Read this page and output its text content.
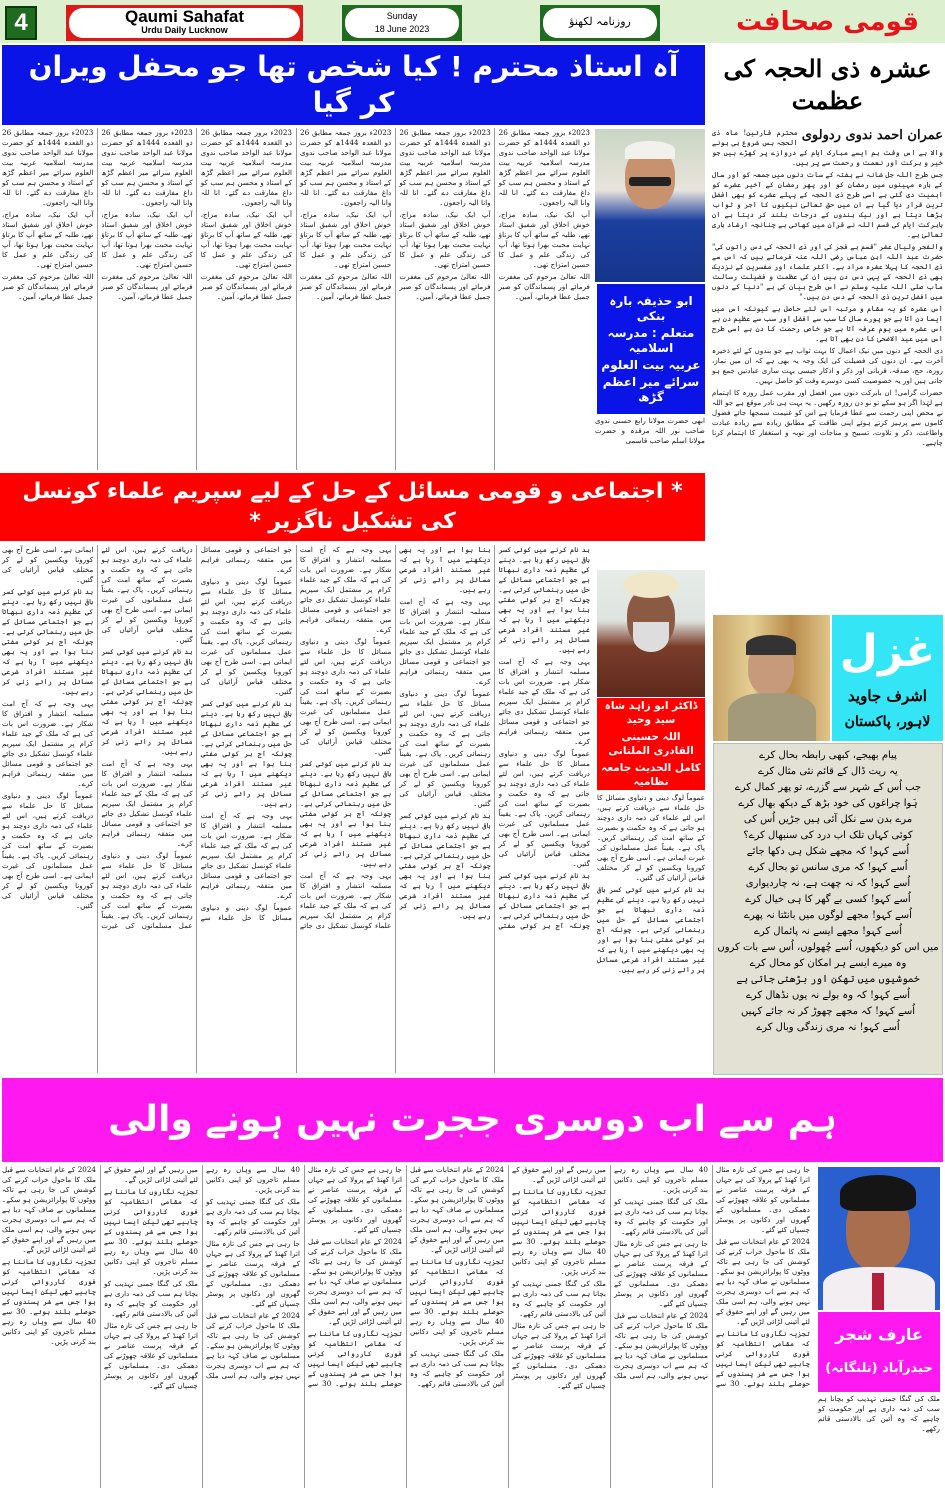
4	Qaumi Sahafat
Urdu Daily Lucknow
Sunday
18 June 2023
روزنامہ لکھنؤ	قومی صحافت
آہ استاذ محترم ! کیا شخص تھا جو محفل ویران کر گیا

2023ء بروز جمعہ مطابق 26 ذو القعدہ 1444ھ کو حضرت مولانا عبد الواحد صاحب ندوی مدرسہ اسلامیہ عربیہ بیت العلوم سرائے میر اعظم گڑھ کے استاذ و محسن ہم سب کو داغ مفارقت دے گئے۔ انا للہ وانا الیہ راجعون۔

آپ ایک نیک، سادہ مزاج، خوش اخلاق اور شفیق استاذ تھے، طلبہ کے ساتھ آپ کا برتاؤ نہایت محبت بھرا ہوتا تھا، آپ کی زندگی علم و عمل کا حسین امتزاج تھی۔

اللہ تعالیٰ مرحوم کی مغفرت فرمائے اور پسماندگان کو صبر جمیل عطا فرمائے، آمین۔

2023ء بروز جمعہ مطابق 26 ذو القعدہ 1444ھ کو حضرت مولانا عبد الواحد صاحب ندوی مدرسہ اسلامیہ عربیہ بیت العلوم سرائے میر اعظم گڑھ کے استاذ و محسن ہم سب کو داغ مفارقت دے گئے۔ انا للہ وانا الیہ راجعون۔

آپ ایک نیک، سادہ مزاج، خوش اخلاق اور شفیق استاذ تھے، طلبہ کے ساتھ آپ کا برتاؤ نہایت محبت بھرا ہوتا تھا، آپ کی زندگی علم و عمل کا حسین امتزاج تھی۔

اللہ تعالیٰ مرحوم کی مغفرت فرمائے اور پسماندگان کو صبر جمیل عطا فرمائے، آمین۔

2023ء بروز جمعہ مطابق 26 ذو القعدہ 1444ھ کو حضرت مولانا عبد الواحد صاحب ندوی مدرسہ اسلامیہ عربیہ بیت العلوم سرائے میر اعظم گڑھ کے استاذ و محسن ہم سب کو داغ مفارقت دے گئے۔ انا للہ وانا الیہ راجعون۔

آپ ایک نیک، سادہ مزاج، خوش اخلاق اور شفیق استاذ تھے، طلبہ کے ساتھ آپ کا برتاؤ نہایت محبت بھرا ہوتا تھا، آپ کی زندگی علم و عمل کا حسین امتزاج تھی۔

اللہ تعالیٰ مرحوم کی مغفرت فرمائے اور پسماندگان کو صبر جمیل عطا فرمائے، آمین۔

2023ء بروز جمعہ مطابق 26 ذو القعدہ 1444ھ کو حضرت مولانا عبد الواحد صاحب ندوی مدرسہ اسلامیہ عربیہ بیت العلوم سرائے میر اعظم گڑھ کے استاذ و محسن ہم سب کو داغ مفارقت دے گئے۔ انا للہ وانا الیہ راجعون۔

آپ ایک نیک، سادہ مزاج، خوش اخلاق اور شفیق استاذ تھے، طلبہ کے ساتھ آپ کا برتاؤ نہایت محبت بھرا ہوتا تھا، آپ کی زندگی علم و عمل کا حسین امتزاج تھی۔

اللہ تعالیٰ مرحوم کی مغفرت فرمائے اور پسماندگان کو صبر جمیل عطا فرمائے، آمین۔

2023ء بروز جمعہ مطابق 26 ذو القعدہ 1444ھ کو حضرت مولانا عبد الواحد صاحب ندوی مدرسہ اسلامیہ عربیہ بیت العلوم سرائے میر اعظم گڑھ کے استاذ و محسن ہم سب کو داغ مفارقت دے گئے۔ انا للہ وانا الیہ راجعون۔

آپ ایک نیک، سادہ مزاج، خوش اخلاق اور شفیق استاذ تھے، طلبہ کے ساتھ آپ کا برتاؤ نہایت محبت بھرا ہوتا تھا، آپ کی زندگی علم و عمل کا حسین امتزاج تھی۔

اللہ تعالیٰ مرحوم کی مغفرت فرمائے اور پسماندگان کو صبر جمیل عطا فرمائے، آمین۔

2023ء بروز جمعہ مطابق 26 ذو القعدہ 1444ھ کو حضرت مولانا عبد الواحد صاحب ندوی مدرسہ اسلامیہ عربیہ بیت العلوم سرائے میر اعظم گڑھ کے استاذ و محسن ہم سب کو داغ مفارقت دے گئے۔ انا للہ وانا الیہ راجعون۔

آپ ایک نیک، سادہ مزاج، خوش اخلاق اور شفیق استاذ تھے، طلبہ کے ساتھ آپ کا برتاؤ نہایت محبت بھرا ہوتا تھا، آپ کی زندگی علم و عمل کا حسین امتزاج تھی۔

اللہ تعالیٰ مرحوم کی مغفرت فرمائے اور پسماندگان کو صبر جمیل عطا فرمائے، آمین۔	ابو حذیفہ بارہ بنکی
متعلم : مدرسہ اسلامیہ
عربیہ بیت العلوم
سرائے میر اعظم گڑھ
ابھی حضرت مولانا رابع حسنی ندوی صاحب نور اللہ مرقدہ و حضرت مولانا اسلم صاحب قاسمی
عشرہ ذی الحجہ کی عظمت
عمران احمد ندوی ردولوی

محترم قارئین! ماہ ذی الحجہ بس شروع ہی ہونے والا ہے اس وقت ہم ایسے مبارک ایام کے دروازے پر کھڑے ہیں جو خیر و برکت اور نعمت و رحمت سے پر ہیں۔

جس طرح اللہ جل شانہ نے ہفتہ کے سات دنوں میں جمعہ کو اور سال کے بارہ مہینوں میں رمضان کو اور پھر رمضان کے آخیر عشرے کو اہمیت دی گئی ہے اسی طرح ذی الحجہ کے پہلے عشرے کو بھی افضل ترین قرار دیا گیا ہے ان میں حق تعالیٰ نیکیوں کا اجر و ثواب بڑھا دیتا ہے اور نیک بندوں کے درجات بلند کر دیتا ہے ان بابرکت ایام کی قسم اللہ نے قرآن میں کھائی ہے چنانچہ ارشاد باری تعالیٰ ہے۔

والفجر ولیال عشر "قسم ہے فجر کی اور ذی الحجہ کی دس راتوں کی" حضرت عبد اللہ ابن عباس رضی اللہ عنہ فرماتے ہیں کہ اس سے ذی الحجہ کا پہلا عشرہ مراد ہے۔ اکثر علماء اور مفسرین کے نزدیک بھی ذی الحجہ کے یہی دس دن ہیں ان کی عظمت و فضیلت رسالت مآب صلی اللہ علیہ وسلم نے اس طرح بیان کی ہے "دنیا کے دنوں میں افضل ترین ذی الحجہ کے دس دن ہیں۔"

اس عشرہ کو یہ مقام و مرتبہ اس لئے حاصل ہے کیونکہ اس میں ایسا دن آتا ہے جو پورے سال کا سب سے افضل اور سب سے عظیم دن ہے اس عشرہ میں یوم عرفہ آتا ہے جو خاص رحمت کا دن ہے اسی طرح اس میں عید الاضحیٰ کا دن بھی آتا ہے۔

ذی الحجہ کے دنوں میں نیک اعمال کا بہت ثواب ہے جو بندوں کے لئے ذخیرہ آخرت ہے۔ ان دنوں کی فضیلت کی ایک وجہ یہ بھی ہے کہ ان میں نماز، روزہ، حج، صدقہ، قربانی اور ذکر و اذکار جیسی بہت ساری عبادتیں جمع ہو جاتی ہیں اور یہ خصوصیت کسی دوسرے وقت کو حاصل نہیں۔

حضرات گرامی! ان بابرکت دنوں میں افضل اور مقرب عمل روزہ کا اہتمام ہے لہٰذا اگر ہو سکے تو نو دن روزہ رکھیں۔ یہ بہت ہی نادر موقع ہے جو اللہ نے محض اپنی رحمت سے عطا فرمایا ہے اس کو غنیمت سمجھا جائے فضول کاموں سے پرہیز کرتے ہوئے اپنی طاقت کے مطابق زیادہ سے زیادہ عبادت واطاعت، ذکر و تلاوت، تسبیح و مناجات اور توبہ و استغفار کا اہتمام کرنا چاہیے۔

* اجتماعی و قومی مسائل کے حل کے لیے سپریم علماء کونسل کی تشکیل ناگزیر *

بد نام کرنے میں کوئی کسر باقی نہیں رکھ رہا ہے۔ دینے کی عظیم ذمہ داری نبھاتا ہے جو اجتماعی مسائل کے حل میں رہنمائی کرتی ہے۔ چونکہ آج ہر کوئی مفتی بنا ہوا ہے اور یہ بھی دیکھنے میں آ رہا ہے کہ غیر مستند افراد شرعی مسائل پر رائے زنی کر رہے ہیں۔

یہی وجہ ہے کہ آج امت مسلمہ انتشار و افتراق کا شکار ہے۔ ضرورت اس بات کی ہے کہ ملک کے جید علماء کرام پر مشتمل ایک سپریم علماء کونسل تشکیل دی جائے جو اجتماعی و قومی مسائل میں متفقہ رہنمائی فراہم کرے۔

عموماً لوگ دینی و دنیاوی مسائل کا حل علماء سے دریافت کرتے ہیں، اس لئے علماء کی ذمہ داری دوچند ہو جاتی ہے کہ وہ حکمت و بصیرت کے ساتھ امت کی رہنمائی کریں۔ پاک ہے۔ یقیناً عمل مسلمانوں کی غیرت ایمانی ہے۔ اسی طرح آج بھی کورونا ویکسین کو لے کر مختلف قیاس آرائیاں کی گئیں۔

بد نام کرنے میں کوئی کسر باقی نہیں رکھ رہا ہے۔ دینے کی عظیم ذمہ داری نبھاتا ہے جو اجتماعی مسائل کے حل میں رہنمائی کرتی ہے۔ چونکہ آج ہر کوئی مفتی بنا ہوا ہے اور یہ بھی دیکھنے میں آ رہا ہے کہ غیر مستند افراد شرعی مسائل پر رائے زنی کر رہے ہیں۔

یہی وجہ ہے کہ آج امت مسلمہ انتشار و افتراق کا شکار ہے۔ ضرورت اس بات کی ہے کہ ملک کے جید علماء کرام پر مشتمل ایک سپریم علماء کونسل تشکیل دی جائے جو اجتماعی و قومی مسائل میں متفقہ رہنمائی فراہم کرے۔

عموماً لوگ دینی و دنیاوی مسائل کا حل علماء سے دریافت کرتے ہیں، اس لئے علماء کی ذمہ داری دوچند ہو جاتی ہے کہ وہ حکمت و بصیرت کے ساتھ امت کی رہنمائی کریں۔ پاک ہے۔ یقیناً عمل مسلمانوں کی غیرت ایمانی ہے۔ اسی طرح آج بھی کورونا ویکسین کو لے کر مختلف قیاس آرائیاں کی گئیں۔

بد نام کرنے میں کوئی کسر باقی نہیں رکھ رہا ہے۔ دینے کی عظیم ذمہ داری نبھاتا ہے جو اجتماعی مسائل کے حل میں رہنمائی کرتی ہے۔ چونکہ آج ہر کوئی مفتی بنا ہوا ہے اور یہ بھی دیکھنے میں آ رہا ہے کہ غیر مستند افراد شرعی مسائل پر رائے زنی کر رہے ہیں۔

یہی وجہ ہے کہ آج امت مسلمہ انتشار و افتراق کا شکار ہے۔ ضرورت اس بات کی ہے کہ ملک کے جید علماء کرام پر مشتمل ایک سپریم علماء کونسل تشکیل دی جائے جو اجتماعی و قومی مسائل میں متفقہ رہنمائی فراہم کرے۔

عموماً لوگ دینی و دنیاوی مسائل کا حل علماء سے دریافت کرتے ہیں، اس لئے علماء کی ذمہ داری دوچند ہو جاتی ہے کہ وہ حکمت و بصیرت کے ساتھ امت کی رہنمائی کریں۔ پاک ہے۔ یقیناً عمل مسلمانوں کی غیرت ایمانی ہے۔ اسی طرح آج بھی کورونا ویکسین کو لے کر مختلف قیاس آرائیاں کی گئیں۔

بد نام کرنے میں کوئی کسر باقی نہیں رکھ رہا ہے۔ دینے کی عظیم ذمہ داری نبھاتا ہے جو اجتماعی مسائل کے حل میں رہنمائی کرتی ہے۔ چونکہ آج ہر کوئی مفتی بنا ہوا ہے اور یہ بھی دیکھنے میں آ رہا ہے کہ غیر مستند افراد شرعی مسائل پر رائے زنی کر رہے ہیں۔

یہی وجہ ہے کہ آج امت مسلمہ انتشار و افتراق کا شکار ہے۔ ضرورت اس بات کی ہے کہ ملک کے جید علماء کرام پر مشتمل ایک سپریم علماء کونسل تشکیل دی جائے جو اجتماعی و قومی مسائل میں متفقہ رہنمائی فراہم کرے۔

عموماً لوگ دینی و دنیاوی مسائل کا حل علماء سے دریافت کرتے ہیں، اس لئے علماء کی ذمہ داری دوچند ہو جاتی ہے کہ وہ حکمت و بصیرت کے ساتھ امت کی رہنمائی کریں۔ پاک ہے۔ یقیناً عمل مسلمانوں کی غیرت ایمانی ہے۔ اسی طرح آج بھی کورونا ویکسین کو لے کر مختلف قیاس آرائیاں کی گئیں۔

بد نام کرنے میں کوئی کسر باقی نہیں رکھ رہا ہے۔ دینے کی عظیم ذمہ داری نبھاتا ہے جو اجتماعی مسائل کے حل میں رہنمائی کرتی ہے۔ چونکہ آج ہر کوئی مفتی بنا ہوا ہے اور یہ بھی دیکھنے میں آ رہا ہے کہ غیر مستند افراد شرعی مسائل پر رائے زنی کر رہے ہیں۔

یہی وجہ ہے کہ آج امت مسلمہ انتشار و افتراق کا شکار ہے۔ ضرورت اس بات کی ہے کہ ملک کے جید علماء کرام پر مشتمل ایک سپریم علماء کونسل تشکیل دی جائے جو اجتماعی و قومی مسائل میں متفقہ رہنمائی فراہم کرے۔

عموماً لوگ دینی و دنیاوی مسائل کا حل علماء سے دریافت کرتے ہیں، اس لئے علماء کی ذمہ داری دوچند ہو جاتی ہے کہ وہ حکمت و بصیرت کے ساتھ امت کی رہنمائی کریں۔ پاک ہے۔ یقیناً عمل مسلمانوں کی غیرت ایمانی ہے۔ اسی طرح آج بھی کورونا ویکسین کو لے کر مختلف قیاس آرائیاں کی گئیں۔

بد نام کرنے میں کوئی کسر باقی نہیں رکھ رہا ہے۔ دینے کی عظیم ذمہ داری نبھاتا ہے جو اجتماعی مسائل کے حل میں رہنمائی کرتی ہے۔ چونکہ آج ہر کوئی مفتی بنا ہوا ہے اور یہ بھی دیکھنے میں آ رہا ہے کہ غیر مستند افراد شرعی مسائل پر رائے زنی کر رہے ہیں۔

یہی وجہ ہے کہ آج امت مسلمہ انتشار و افتراق کا شکار ہے۔ ضرورت اس بات کی ہے کہ ملک کے جید علماء کرام پر مشتمل ایک سپریم علماء کونسل تشکیل دی جائے جو اجتماعی و قومی مسائل میں متفقہ رہنمائی فراہم کرے۔

عموماً لوگ دینی و دنیاوی مسائل کا حل علماء سے دریافت کرتے ہیں، اس لئے علماء کی ذمہ داری دوچند ہو جاتی ہے کہ وہ حکمت و بصیرت کے ساتھ امت کی رہنمائی کریں۔ پاک ہے۔ یقیناً عمل مسلمانوں کی غیرت ایمانی ہے۔ اسی طرح آج بھی کورونا ویکسین کو لے کر مختلف قیاس آرائیاں کی گئیں۔

بد نام کرنے میں کوئی کسر باقی نہیں رکھ رہا ہے۔ دینے کی عظیم ذمہ داری نبھاتا ہے جو اجتماعی مسائل کے حل میں رہنمائی کرتی ہے۔ چونکہ آج ہر کوئی مفتی بنا ہوا ہے اور یہ بھی دیکھنے میں آ رہا ہے کہ غیر مستند افراد شرعی مسائل پر رائے زنی کر رہے ہیں۔

یہی وجہ ہے کہ آج امت مسلمہ انتشار و افتراق کا شکار ہے۔ ضرورت اس بات کی ہے کہ ملک کے جید علماء کرام پر مشتمل ایک سپریم علماء کونسل تشکیل دی جائے جو اجتماعی و قومی مسائل میں متفقہ رہنمائی فراہم کرے۔

عموماً لوگ دینی و دنیاوی مسائل کا حل علماء سے دریافت کرتے ہیں، اس لئے علماء کی ذمہ داری دوچند ہو جاتی ہے کہ وہ حکمت و بصیرت کے ساتھ امت کی رہنمائی کریں۔ پاک ہے۔ یقیناً عمل مسلمانوں کی غیرت ایمانی ہے۔ اسی طرح آج بھی کورونا ویکسین کو لے کر مختلف قیاس آرائیاں کی گئیں۔

ڈاکٹر ابو زاہد شاہ سید وحید
اللہ حسینی القادری الملتانی
کامل الحدیث جامعہ نظامیہ

عموماً لوگ دینی و دنیاوی مسائل کا حل علماء سے دریافت کرتے ہیں، اس لئے علماء کی ذمہ داری دوچند ہو جاتی ہے کہ وہ حکمت و بصیرت کے ساتھ امت کی رہنمائی کریں۔ پاک ہے۔ یقیناً عمل مسلمانوں کی غیرت ایمانی ہے۔ اسی طرح آج بھی کورونا ویکسین کو لے کر مختلف قیاس آرائیاں کی گئیں۔

بد نام کرنے میں کوئی کسر باقی نہیں رکھ رہا ہے۔ دینے کی عظیم ذمہ داری نبھاتا ہے جو اجتماعی مسائل کے حل میں رہنمائی کرتی ہے۔ چونکہ آج ہر کوئی مفتی بنا ہوا ہے اور یہ بھی دیکھنے میں آ رہا ہے کہ غیر مستند افراد شرعی مسائل پر رائے زنی کر رہے ہیں۔

غزل
اشرف جاوید
لاہور، پاکستان
پیام بھیجے، کبھی رابطہ بحال کرے
یہ ریت ڈال کے قائم نئی مثال کرے
جب اُس کے شہر سے گزرے، تو پھر کمال کرے
ہَوا چراغوں کی خود بڑھ کے دیکھ بھال کرے
مرے بدن سے نکل آئی ہیں جڑیں اُس کی
کوئی کہاں تلک اب درد کی سنبھال کرے؟
اُسے کہو! کہ مجھے شکل ہی دکھا جائے
اُسے کہو! کہ مری سانس تو بحال کرے
اُسے کہو! کہ نہ چھت ہے، نہ چاردیواری
اُسے کہو! کسی بے گھر کا ہی خیال کرے
اُسے کہو! مجھے لوگوں میں بانٹتا نہ پھرے
اُسے کہو! مجھے ایسے نہ پائمال کرے
میں اس کو دیکھوں، اُسے چُھولوں، اُس سے بات کروں
وہ میرے ایسے ہر امکان کو محال کرے
خموشیوں میں تھکن اور بڑھتی جاتی ہے
اُسے کہو! کہ وہ بولے نہ یوں نڈھال کرے
اُسے کہو! کہ مجھے چھوڑ کر نہ جائے کہیں
اُسے کہو! نہ مری زندگی وبال کرے
ہم سے اب دوسری ججرت نہیں ہونے والی

جا رہی ہے جس کی تازہ مثال اترا کھنڈ کے پرولا کی ہے جہاں کے فرقہ پرست عناصر نے مسلمانوں کو علاقہ چھوڑنے کی دھمکی دی۔ مسلمانوں کے گھروں اور دکانوں پر پوسٹر چسپاں کئے گئے۔

2024 کے عام انتخابات سے قبل ملک کا ماحول خراب کرنے کی کوشش کی جا رہی ہے تاکہ ووٹوں کا پولرائزیشن ہو سکے۔ مسلمانوں نے صاف کہہ دیا ہے کہ ہم سے اب دوسری ہجرت نہیں ہونے والی، ہم اسی ملک میں رہیں گے اور اپنے حقوق کے لئے آئینی لڑائی لڑیں گے۔

تجزیہ نگاروں کا ماننا ہے کہ مقامی انتظامیہ کو فوری کارروائی کرنی چاہیے تھی لیکن ایسا نہیں ہوا جس سے شر پسندوں کے حوصلے بلند ہوئے۔ 30 سے 40 سال سے وہاں رہ رہے مسلم تاجروں کو اپنی دکانیں بند کرنی پڑیں۔

ملک کی گنگا جمنی تہذیب کو بچانا ہم سب کی ذمہ داری ہے اور حکومت کو چاہیے کہ وہ آئین کی بالادستی قائم رکھے۔

جا رہی ہے جس کی تازہ مثال اترا کھنڈ کے پرولا کی ہے جہاں کے فرقہ پرست عناصر نے مسلمانوں کو علاقہ چھوڑنے کی دھمکی دی۔ مسلمانوں کے گھروں اور دکانوں پر پوسٹر چسپاں کئے گئے۔

2024 کے عام انتخابات سے قبل ملک کا ماحول خراب کرنے کی کوشش کی جا رہی ہے تاکہ ووٹوں کا پولرائزیشن ہو سکے۔ مسلمانوں نے صاف کہہ دیا ہے کہ ہم سے اب دوسری ہجرت نہیں ہونے والی، ہم اسی ملک میں رہیں گے اور اپنے حقوق کے لئے آئینی لڑائی لڑیں گے۔

تجزیہ نگاروں کا ماننا ہے کہ مقامی انتظامیہ کو فوری کارروائی کرنی چاہیے تھی لیکن ایسا نہیں ہوا جس سے شر پسندوں کے حوصلے بلند ہوئے۔ 30 سے 40 سال سے وہاں رہ رہے مسلم تاجروں کو اپنی دکانیں بند کرنی پڑیں۔

ملک کی گنگا جمنی تہذیب کو بچانا ہم سب کی ذمہ داری ہے اور حکومت کو چاہیے کہ وہ آئین کی بالادستی قائم رکھے۔

جا رہی ہے جس کی تازہ مثال اترا کھنڈ کے پرولا کی ہے جہاں کے فرقہ پرست عناصر نے مسلمانوں کو علاقہ چھوڑنے کی دھمکی دی۔ مسلمانوں کے گھروں اور دکانوں پر پوسٹر چسپاں کئے گئے۔

2024 کے عام انتخابات سے قبل ملک کا ماحول خراب کرنے کی کوشش کی جا رہی ہے تاکہ ووٹوں کا پولرائزیشن ہو سکے۔ مسلمانوں نے صاف کہہ دیا ہے کہ ہم سے اب دوسری ہجرت نہیں ہونے والی، ہم اسی ملک میں رہیں گے اور اپنے حقوق کے لئے آئینی لڑائی لڑیں گے۔

تجزیہ نگاروں کا ماننا ہے کہ مقامی انتظامیہ کو فوری کارروائی کرنی چاہیے تھی لیکن ایسا نہیں ہوا جس سے شر پسندوں کے حوصلے بلند ہوئے۔ 30 سے 40 سال سے وہاں رہ رہے مسلم تاجروں کو اپنی دکانیں بند کرنی پڑیں۔

ملک کی گنگا جمنی تہذیب کو بچانا ہم سب کی ذمہ داری ہے اور حکومت کو چاہیے کہ وہ آئین کی بالادستی قائم رکھے۔

جا رہی ہے جس کی تازہ مثال اترا کھنڈ کے پرولا کی ہے جہاں کے فرقہ پرست عناصر نے مسلمانوں کو علاقہ چھوڑنے کی دھمکی دی۔ مسلمانوں کے گھروں اور دکانوں پر پوسٹر چسپاں کئے گئے۔

2024 کے عام انتخابات سے قبل ملک کا ماحول خراب کرنے کی کوشش کی جا رہی ہے تاکہ ووٹوں کا پولرائزیشن ہو سکے۔ مسلمانوں نے صاف کہہ دیا ہے کہ ہم سے اب دوسری ہجرت نہیں ہونے والی، ہم اسی ملک میں رہیں گے اور اپنے حقوق کے لئے آئینی لڑائی لڑیں گے۔

تجزیہ نگاروں کا ماننا ہے کہ مقامی انتظامیہ کو فوری کارروائی کرنی چاہیے تھی لیکن ایسا نہیں ہوا جس سے شر پسندوں کے حوصلے بلند ہوئے۔ 30 سے 40 سال سے وہاں رہ رہے مسلم تاجروں کو اپنی دکانیں بند کرنی پڑیں۔

ملک کی گنگا جمنی تہذیب کو بچانا ہم سب کی ذمہ داری ہے اور حکومت کو چاہیے کہ وہ آئین کی بالادستی قائم رکھے۔

جا رہی ہے جس کی تازہ مثال اترا کھنڈ کے پرولا کی ہے جہاں کے فرقہ پرست عناصر نے مسلمانوں کو علاقہ چھوڑنے کی دھمکی دی۔ مسلمانوں کے گھروں اور دکانوں پر پوسٹر چسپاں کئے گئے۔

2024 کے عام انتخابات سے قبل ملک کا ماحول خراب کرنے کی کوشش کی جا رہی ہے تاکہ ووٹوں کا پولرائزیشن ہو سکے۔ مسلمانوں نے صاف کہہ دیا ہے کہ ہم سے اب دوسری ہجرت نہیں ہونے والی، ہم اسی ملک میں رہیں گے اور اپنے حقوق کے لئے آئینی لڑائی لڑیں گے۔

تجزیہ نگاروں کا ماننا ہے کہ مقامی انتظامیہ کو فوری کارروائی کرنی چاہیے تھی لیکن ایسا نہیں ہوا جس سے شر پسندوں کے حوصلے بلند ہوئے۔ 30 سے 40 سال سے وہاں رہ رہے مسلم تاجروں کو اپنی دکانیں بند کرنی پڑیں۔

ملک کی گنگا جمنی تہذیب کو بچانا ہم سب کی ذمہ داری ہے اور حکومت کو چاہیے کہ وہ آئین کی بالادستی قائم رکھے۔

جا رہی ہے جس کی تازہ مثال اترا کھنڈ کے پرولا کی ہے جہاں کے فرقہ پرست عناصر نے مسلمانوں کو علاقہ چھوڑنے کی دھمکی دی۔ مسلمانوں کے گھروں اور دکانوں پر پوسٹر چسپاں کئے گئے۔

2024 کے عام انتخابات سے قبل ملک کا ماحول خراب کرنے کی کوشش کی جا رہی ہے تاکہ ووٹوں کا پولرائزیشن ہو سکے۔ مسلمانوں نے صاف کہہ دیا ہے کہ ہم سے اب دوسری ہجرت نہیں ہونے والی، ہم اسی ملک میں رہیں گے اور اپنے حقوق کے لئے آئینی لڑائی لڑیں گے۔

تجزیہ نگاروں کا ماننا ہے کہ مقامی انتظامیہ کو فوری کارروائی کرنی چاہیے تھی لیکن ایسا نہیں ہوا جس سے شر پسندوں کے حوصلے بلند ہوئے۔ 30 سے 40 سال سے وہاں رہ رہے مسلم تاجروں کو اپنی دکانیں بند کرنی پڑیں۔	عارف شجر
حیدرآباد (تلنگانہ)

ملک کی گنگا جمنی تہذیب کو بچانا ہم سب کی ذمہ داری ہے اور حکومت کو چاہیے کہ وہ آئین کی بالادستی قائم رکھے۔
